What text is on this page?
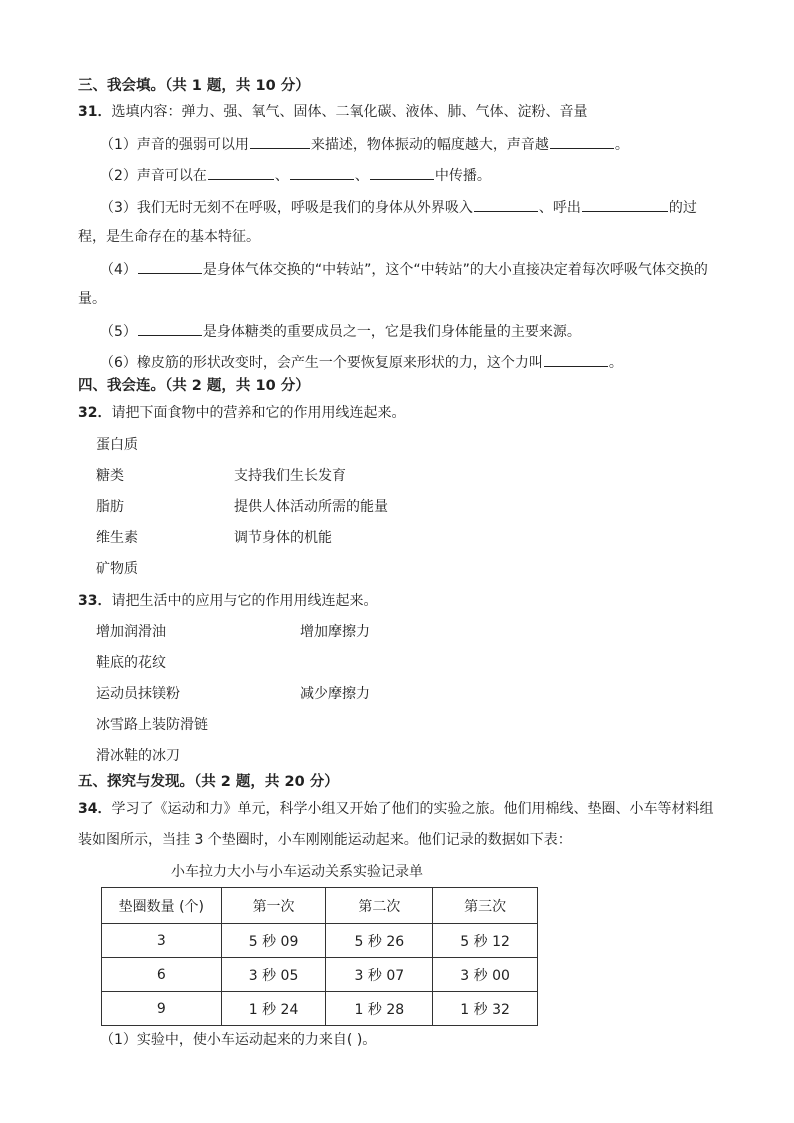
三、我会填。（共 1 题，共 10 分）
31．选填内容：弹力、强、氧气、固体、二氧化碳、液体、肺、气体、淀粉、音量
（1）声音的强弱可以用	来描述，物体振动的幅度越大，声音越	。
（2）声音可以在	、	、	中传播。
（3）我们无时无刻不在呼吸，呼吸是我们的身体从外界吸入	、呼出	的过
程，是生命存在的基本特征。
（4）	是身体气体交换的“中转站”，这个“中转站”的大小直接决定着每次呼吸气体交换的
量。
（5）	是身体糖类的重要成员之一，它是我们身体能量的主要来源。
（6）橡皮筋的形状改变时，会产生一个要恢复原来形状的力，这个力叫	。
四、我会连。（共 2 题，共 10 分）
32．请把下面食物中的营养和它的作用用线连起来。
蛋白质
糖类
脂肪
维生素
矿物质
支持我们生长发育
提供人体活动所需的能量
调节身体的机能
33．请把生活中的应用与它的作用用线连起来。
增加润滑油
鞋底的花纹
运动员抹镁粉
冰雪路上装防滑链
滑冰鞋的冰刀
增加摩擦力
减少摩擦力
五、探究与发现。（共 2 题，共 20 分）
34．学习了《运动和力》单元，科学小组又开始了他们的实验之旅。他们用棉线、垫圈、小车等材料组
装如图所示，当挂 3 个垫圈时，小车刚刚能运动起来。他们记录的数据如下表：
小车拉力大小与小车运动关系实验记录单
垫圈数量 (个)	第一次	第二次	第三次
3	5 秒 09	5 秒 26	5 秒 12
6	3 秒 05	3 秒 07	3 秒 00
9	1 秒 24	1 秒 28	1 秒 32
（1）实验中，使小车运动起来的力来自( )。
